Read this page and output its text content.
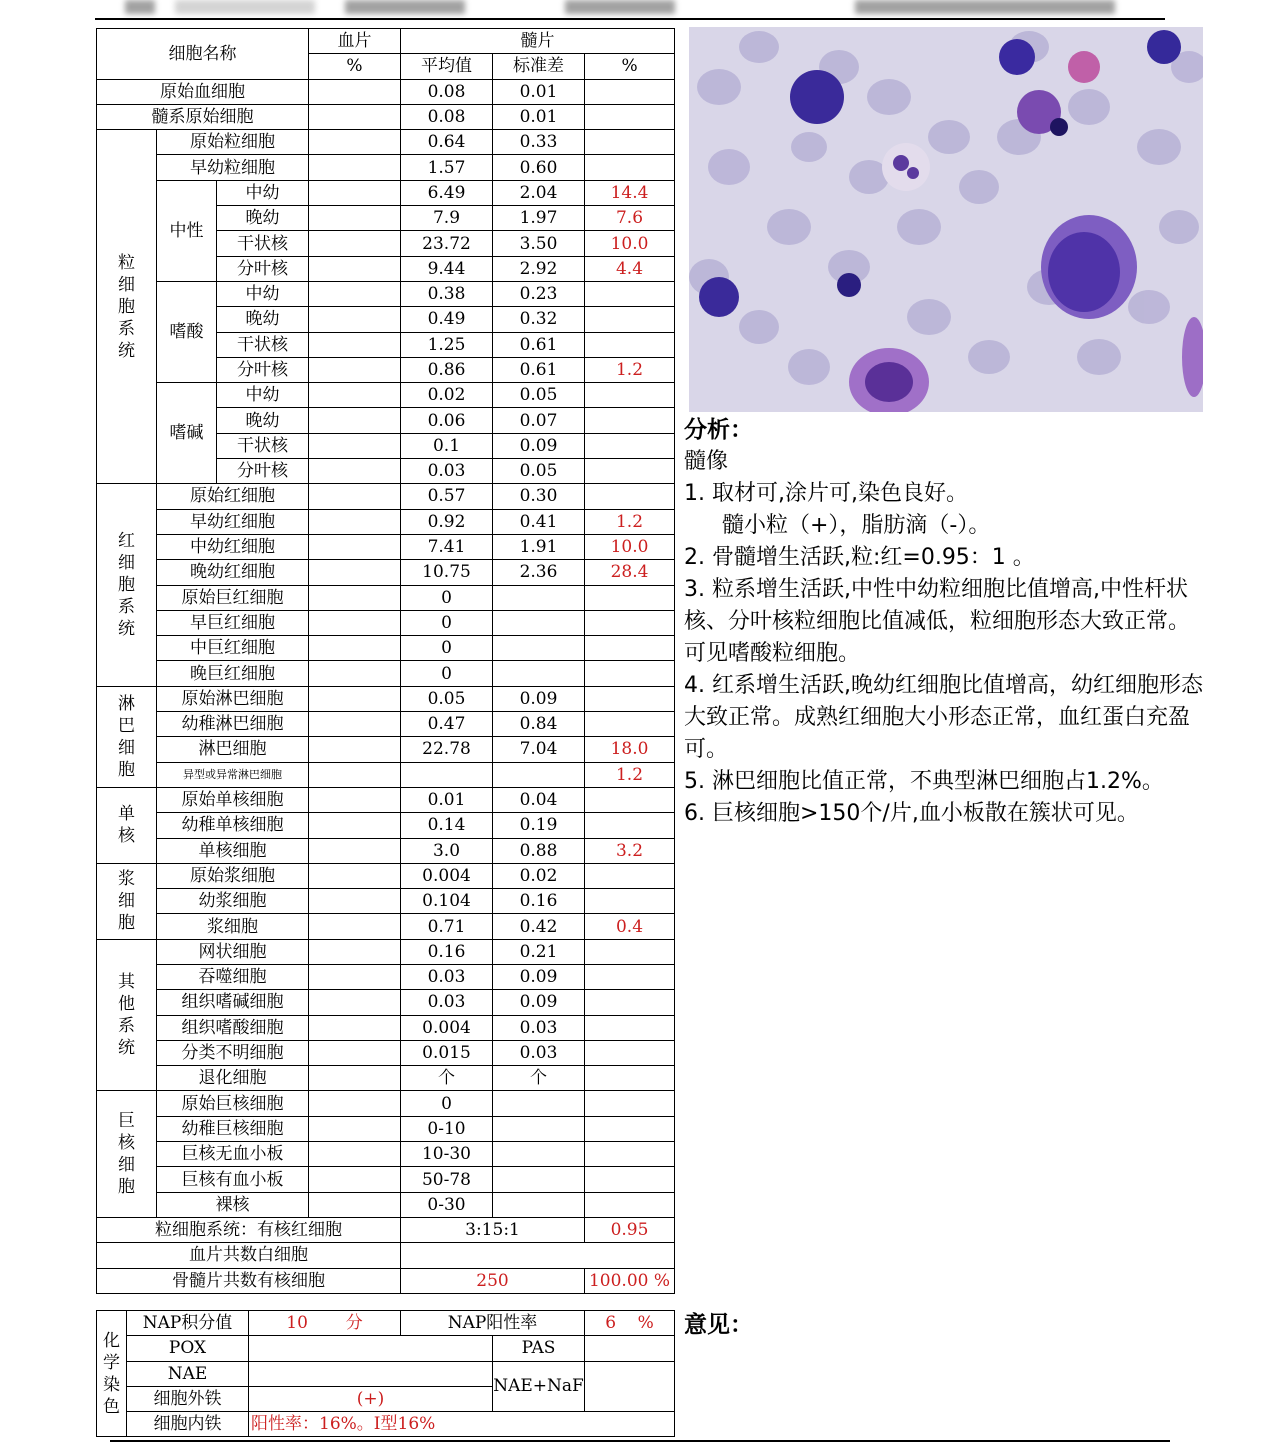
细胞名称			血片	髓片		
			%	平均值	标准差	%
原始血细胞				0.08	0.01	
髓系原始细胞				0.08	0.01	
粒细胞系统	原始粒细胞			0.64	0.33	
	早幼粒细胞			1.57	0.60	
	中性	中幼		6.49	2.04	14.4
		晚幼		7.9	1.97	7.6
		干状核		23.72	3.50	10.0
		分叶核		9.44	2.92	4.4
	嗜酸	中幼		0.38	0.23	
		晚幼		0.49	0.32	
		干状核		1.25	0.61	
		分叶核		0.86	0.61	1.2
	嗜碱	中幼		0.02	0.05	
		晚幼		0.06	0.07	
		干状核		0.1	0.09	
		分叶核		0.03	0.05	
红细胞系统	原始红细胞			0.57	0.30	
	早幼红细胞			0.92	0.41	1.2
	中幼红细胞			7.41	1.91	10.0
	晚幼红细胞			10.75	2.36	28.4
	原始巨红细胞			0		
	早巨红细胞			0		
	中巨红细胞			0		
	晚巨红细胞			0		
淋巴细胞	原始淋巴细胞			0.05	0.09	
	幼稚淋巴细胞			0.47	0.84	
	淋巴细胞			22.78	7.04	18.0
	异型或异常淋巴细胞					1.2
单核	原始单核细胞			0.01	0.04	
	幼稚单核细胞			0.14	0.19	
	单核细胞			3.0	0.88	3.2
浆细胞	原始浆细胞			0.004	0.02	
	幼浆细胞			0.104	0.16	
	浆细胞			0.71	0.42	0.4
其他系统	网状细胞			0.16	0.21	
	吞噬细胞			0.03	0.09	
	组织嗜碱细胞			0.03	0.09	
	组织嗜酸细胞			0.004	0.03	
	分类不明细胞			0.015	0.03	
	退化细胞			个	个	
巨核细胞	原始巨核细胞			0		
	幼稚巨核细胞			0-10		
	巨核无血小板			10-30		
	巨核有血小板			50-78		
	裸核			0-30		
粒细胞系统：有核红细胞				3:15:1		0.95
血片共数白细胞						
骨髓片共数有核细胞				250		100.00 %
化学染色	NAP积分值	10 分	NAP阳性率		6 %
	POX			PAS	
	NAE			NAE+NaF	
	细胞外铁	(+)			
	细胞内铁	阳性率：16%。I型16%			
分析：
髓像
1. 取材可,涂片可,染色良好。
髓小粒（+），脂肪滴（-）。
2. 骨髓增生活跃,粒:红=0.95：1 。
3. 粒系增生活跃,中性中幼粒细胞比值增高,中性杆状核、分叶核粒细胞比值减低，粒细胞形态大致正常。可见嗜酸粒细胞。
4. 红系增生活跃,晚幼红细胞比值增高，幼红细胞形态大致正常。成熟红细胞大小形态正常，血红蛋白充盈可。
5. 淋巴细胞比值正常，不典型淋巴细胞占1.2%。
6. 巨核细胞>150个/片,血小板散在簇状可见。
意见：
